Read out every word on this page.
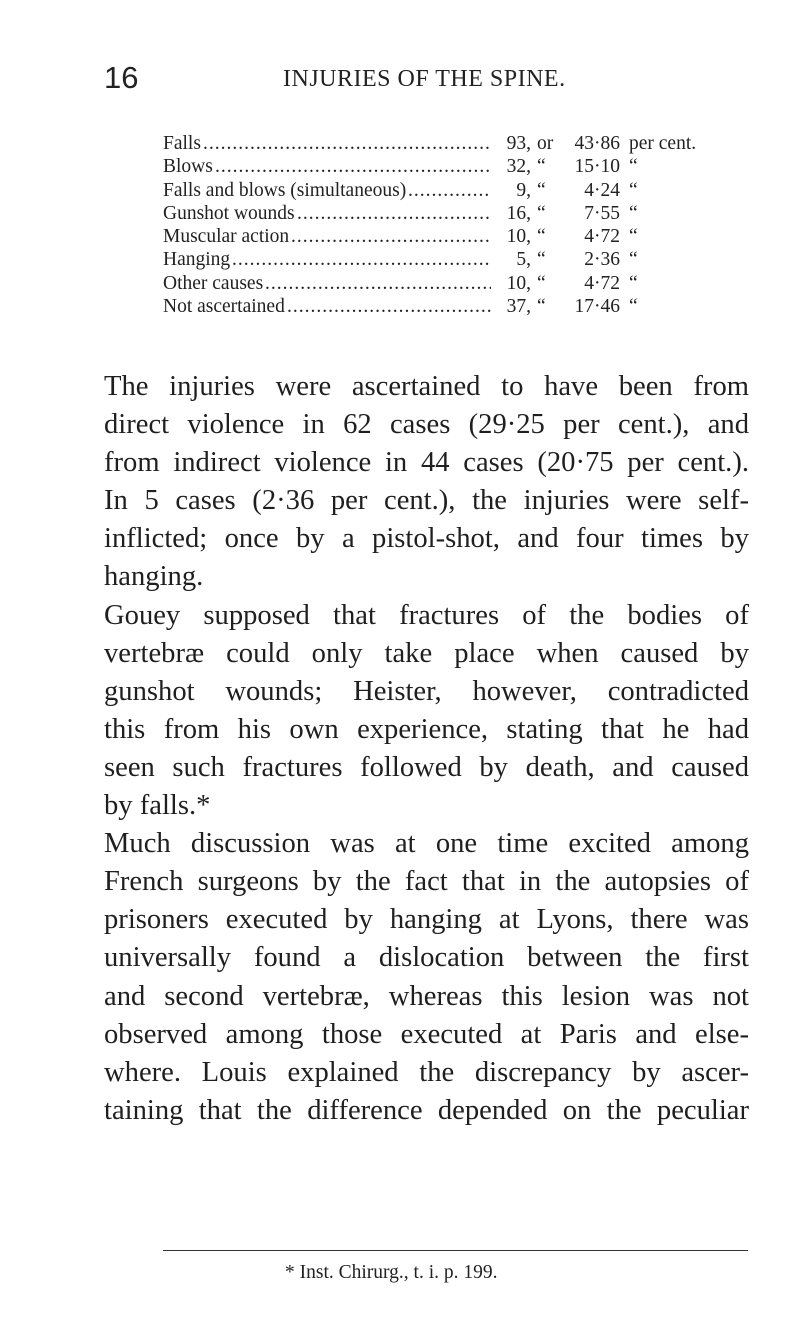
16	INJURIES OF THE SPINE.
Falls .....	93, or	43·86 per cent.
Blows .....	32, “	15·10 “
Falls and blows (simultaneous) .....	9, “	4·24 “
Gunshot wounds .....	16, “	7·55 “
Muscular action .....	10, “	4·72 “
Hanging .....	5, “	2·36 “
Other causes .....	10, “	4·72 “
Not ascertained .....	37, “	17·46 “
The injuries were ascertained to have been from
direct violence in 62 cases (29·25 per cent.), and
from indirect violence in 44 cases (20·75 per cent.).
In 5 cases (2·36 per cent.), the injuries were self-
inflicted; once by a pistol-shot, and four times by
hanging.
Gouey supposed that fractures of the bodies of
vertebræ could only take place when caused by
gunshot wounds; Heister, however, contradicted
this from his own experience, stating that he had
seen such fractures followed by death, and caused
by falls.*
Much discussion was at one time excited among
French surgeons by the fact that in the autopsies of
prisoners executed by hanging at Lyons, there was
universally found a dislocation between the first
and second vertebræ, whereas this lesion was not
observed among those executed at Paris and else-
where. Louis explained the discrepancy by ascer-
taining that the difference depended on the peculiar
* Inst. Chirurg., t. i. p. 199.
